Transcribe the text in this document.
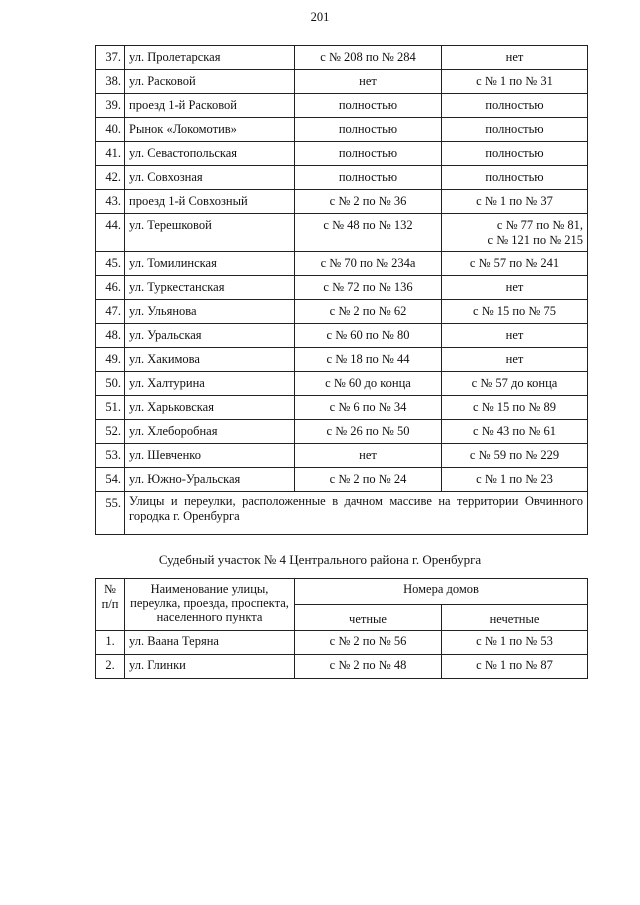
201
37.	ул. Пролетарская	с № 208 по № 284	нет
38.	ул. Расковой	нет	с № 1 по № 31
39.	проезд 1-й Расковой	полностью	полностью
40.	Рынок «Локомотив»	полностью	полностью
41.	ул. Севастопольская	полностью	полностью
42.	ул. Совхозная	полностью	полностью
43.	проезд 1-й Совхозный	с № 2 по № 36	с № 1 по № 37
44.	ул. Терешковой	с № 48 по № 132	с № 77 по № 81,
с № 121 по № 215

45.	ул. Томилинская	с № 70 по № 234а	с № 57 по № 241
46.	ул. Туркестанская	с № 72 по № 136	нет
47.	ул. Ульянова	с № 2 по № 62	с № 15 по № 75
48.	ул. Уральская	с № 60 по № 80	нет
49.	ул. Хакимова	с № 18 по № 44	нет
50.	ул. Халтурина	с № 60 до конца	с № 57 до конца
51.	ул. Харьковская	с № 6 по № 34	с № 15 по № 89
52.	ул. Хлеборобная	с № 26 по № 50	с № 43 по № 61
53.	ул. Шевченко	нет	с № 59 по № 229
54.	ул. Южно-Уральская	с № 2 по № 24	с № 1 по № 23
55.	Улицы и переулки, расположенные в дачном массиве на территории Овчинного городка г. Оренбурга		
Судебный участок № 4 Центрального района г. Оренбурга
№ п/п	Наименование улицы, переулка, проезда, проспекта, населенного пункта	Номера домов	
		четные	нечетные
1.	ул. Ваана Теряна	с № 2 по № 56	с № 1 по № 53
2.	ул. Глинки	с № 2 по № 48	с № 1 по № 87
